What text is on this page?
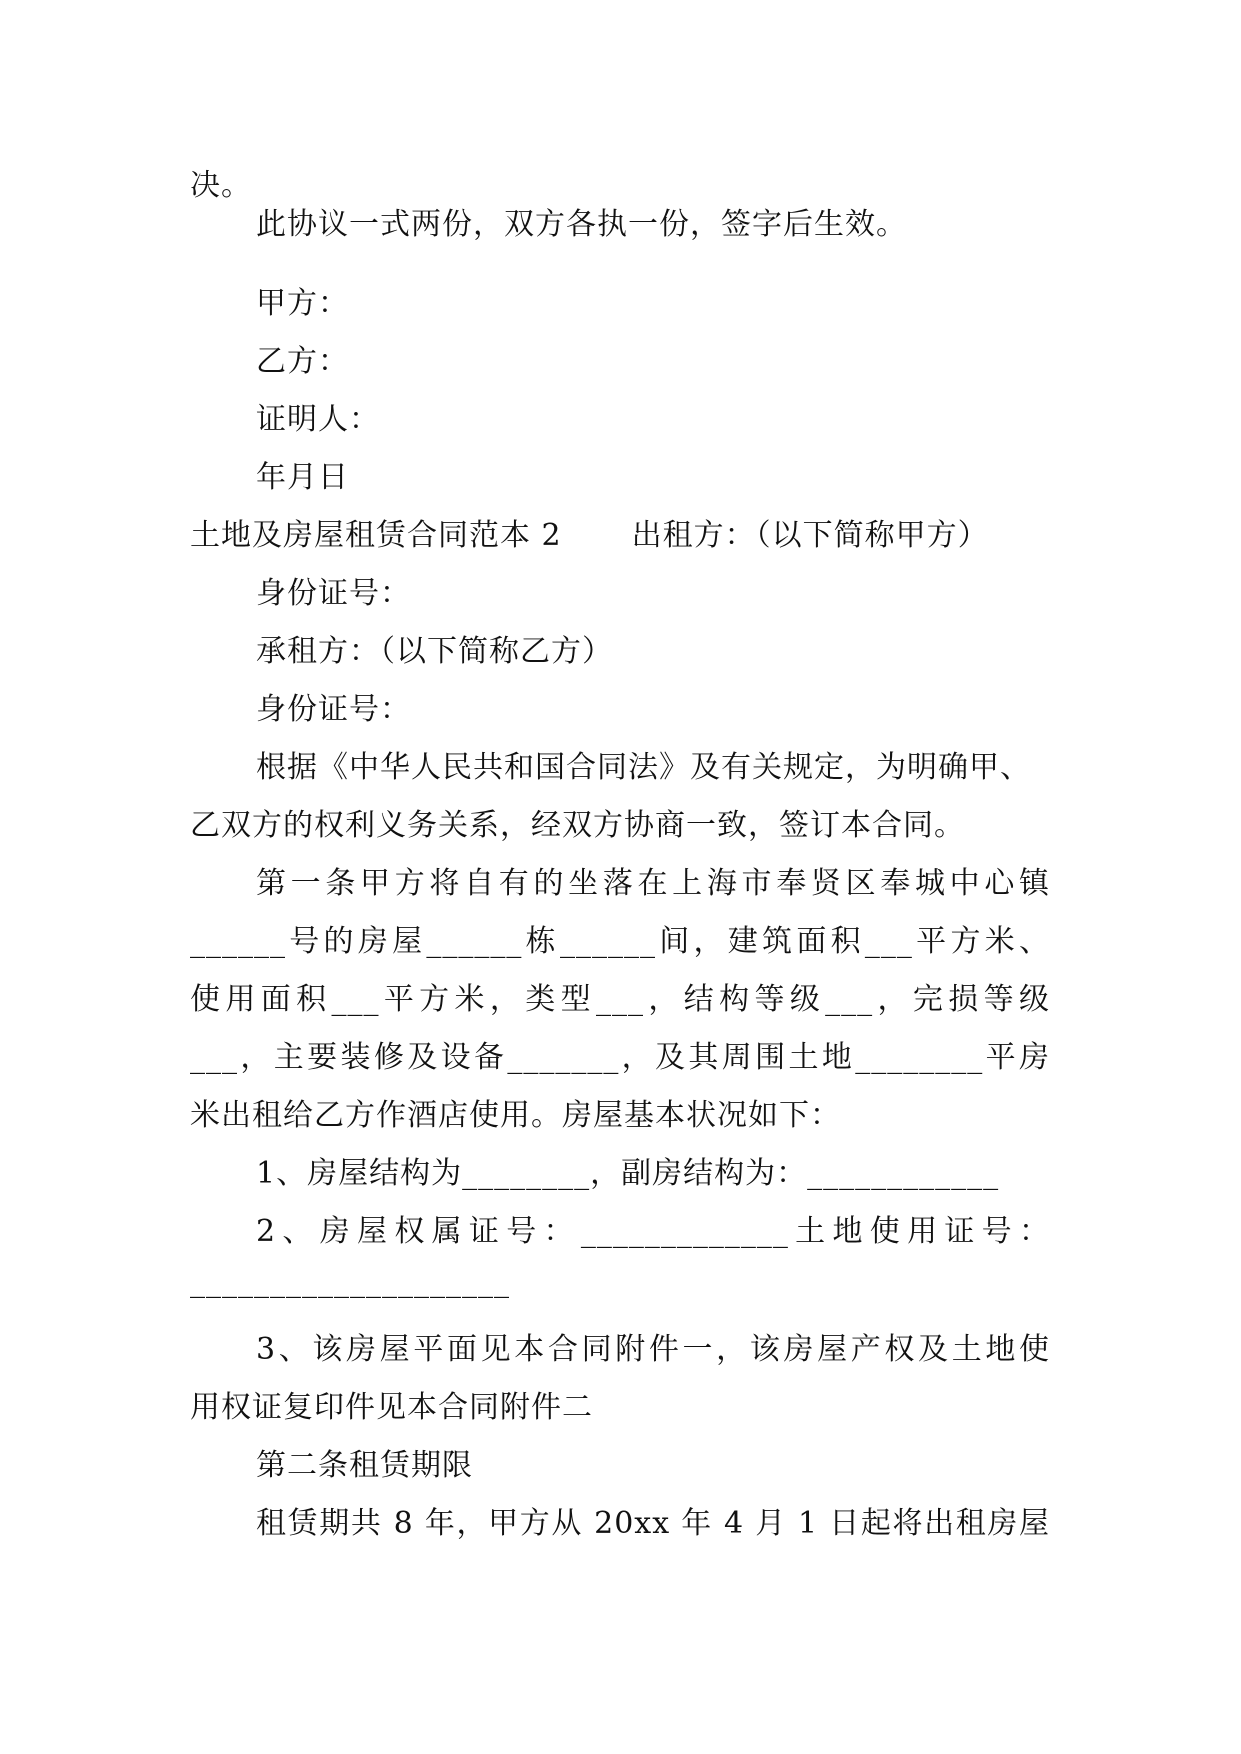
决。
此协议一式两份，双方各执一份，签字后生效。
甲方：
乙方：
证明人：
年月日
土地及房屋租赁合同范本 2 出租方：（以下简称甲方）
身份证号：
承租方：（以下简称乙方）
身份证号：
根据《中华人民共和国合同法》及有关规定，为明确甲、
乙双方的权利义务关系，经双方协商一致，签订本合同。
第一条甲方将自有的坐落在上海市奉贤区奉城中心镇
______号的房屋______栋______间，建筑面积___平方米、
使用面积___平方米，类型___，结构等级___，完损等级
___，主要装修及设备_______，及其周围土地________平房
米出租给乙方作酒店使用。房屋基本状况如下：
1、房屋结构为________，副房结构为：____________
2、房屋权属证号：_____________土地使用证号：
____________________
3、该房屋平面见本合同附件一，该房屋产权及土地使
用权证复印件见本合同附件二
第二条租赁期限
租赁期共 8 年，甲方从 20xx 年 4 月 1 日起将出租房屋
